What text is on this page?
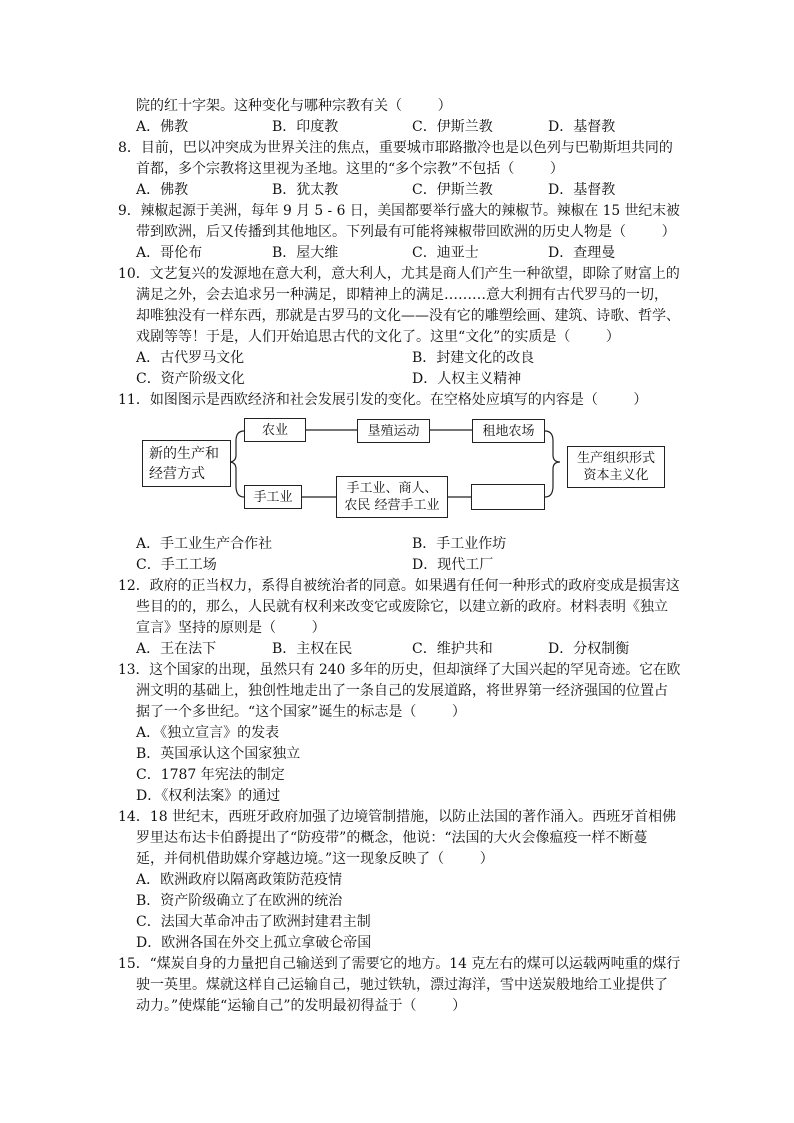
院的红十字架。这种变化与哪种宗教有关（        ）
A．佛教	B．印度教	C．伊斯兰教	D．基督教
8．目前，巴以冲突成为世界关注的焦点，重要城市耶路撒冷也是以色列与巴勒斯坦共同的
首都，多个宗教将这里视为圣地。这里的“多个宗教”不包括（        ）
A．佛教	B．犹太教	C．伊斯兰教	D．基督教
9．辣椒起源于美洲，每年 9 月 5 - 6 日，美国都要举行盛大的辣椒节。辣椒在 15 世纪末被
带到欧洲，后又传播到其他地区。下列最有可能将辣椒带回欧洲的历史人物是（        ）
A．哥伦布	B．屋大维	C．迪亚士	D．查理曼
10．文艺复兴的发源地在意大利，意大利人，尤其是商人们产生一种欲望，即除了财富上的
满足之外，会去追求另一种满足，即精神上的满足………意大利拥有古代罗马的一切，
却唯独没有一样东西，那就是古罗马的文化——没有它的雕塑绘画、建筑、诗歌、哲学、
戏剧等等！于是，人们开始追思古代的文化了。这里“文化”的实质是（        ）
A．古代罗马文化	B．封建文化的改良
C．资产阶级文化	D．人权主义精神
11．如图图示是西欧经济和社会发展引发的变化。在空格处应填写的内容是（        ）
新的生产和
经营方式
农业	垦殖运动	租地农场
手工业
手工业、商人、
农民 经营手工业
生产组织形式
资本主义化
A．手工业生产合作社	B．手工业作坊
C．手工工场	D．现代工厂
12．政府的正当权力，系得自被统治者的同意。如果遇有任何一种形式的政府变成是损害这
些目的的，那么，人民就有权利来改变它或废除它，以建立新的政府。材料表明《独立
宣言》坚持的原则是（        ）
A．王在法下	B．主权在民	C．维护共和	D．分权制衡
13．这个国家的出现，虽然只有 240 多年的历史，但却演绎了大国兴起的罕见奇迹。它在欧
洲文明的基础上，独创性地走出了一条自己的发展道路，将世界第一经济强国的位置占
据了一个多世纪。“这个国家”诞生的标志是（        ）
A．《独立宣言》的发表
B．英国承认这个国家独立
C．1787 年宪法的制定
D．《权利法案》的通过
14．18 世纪末，西班牙政府加强了边境管制措施，以防止法国的著作涌入。西班牙首相佛
罗里达布达卡伯爵提出了“防疫带”的概念，他说：“法国的大火会像瘟疫一样不断蔓
延，并伺机借助媒介穿越边境。”这一现象反映了（        ）
A．欧洲政府以隔离政策防范疫情
B．资产阶级确立了在欧洲的统治
C．法国大革命冲击了欧洲封建君主制
D．欧洲各国在外交上孤立拿破仑帝国
15．“煤炭自身的力量把自己输送到了需要它的地方。14 克左右的煤可以运载两吨重的煤行
驶一英里。煤就这样自己运输自己，驰过铁轨，漂过海洋，雪中送炭般地给工业提供了
动力。”使煤能“运输自己”的发明最初得益于（        ）
